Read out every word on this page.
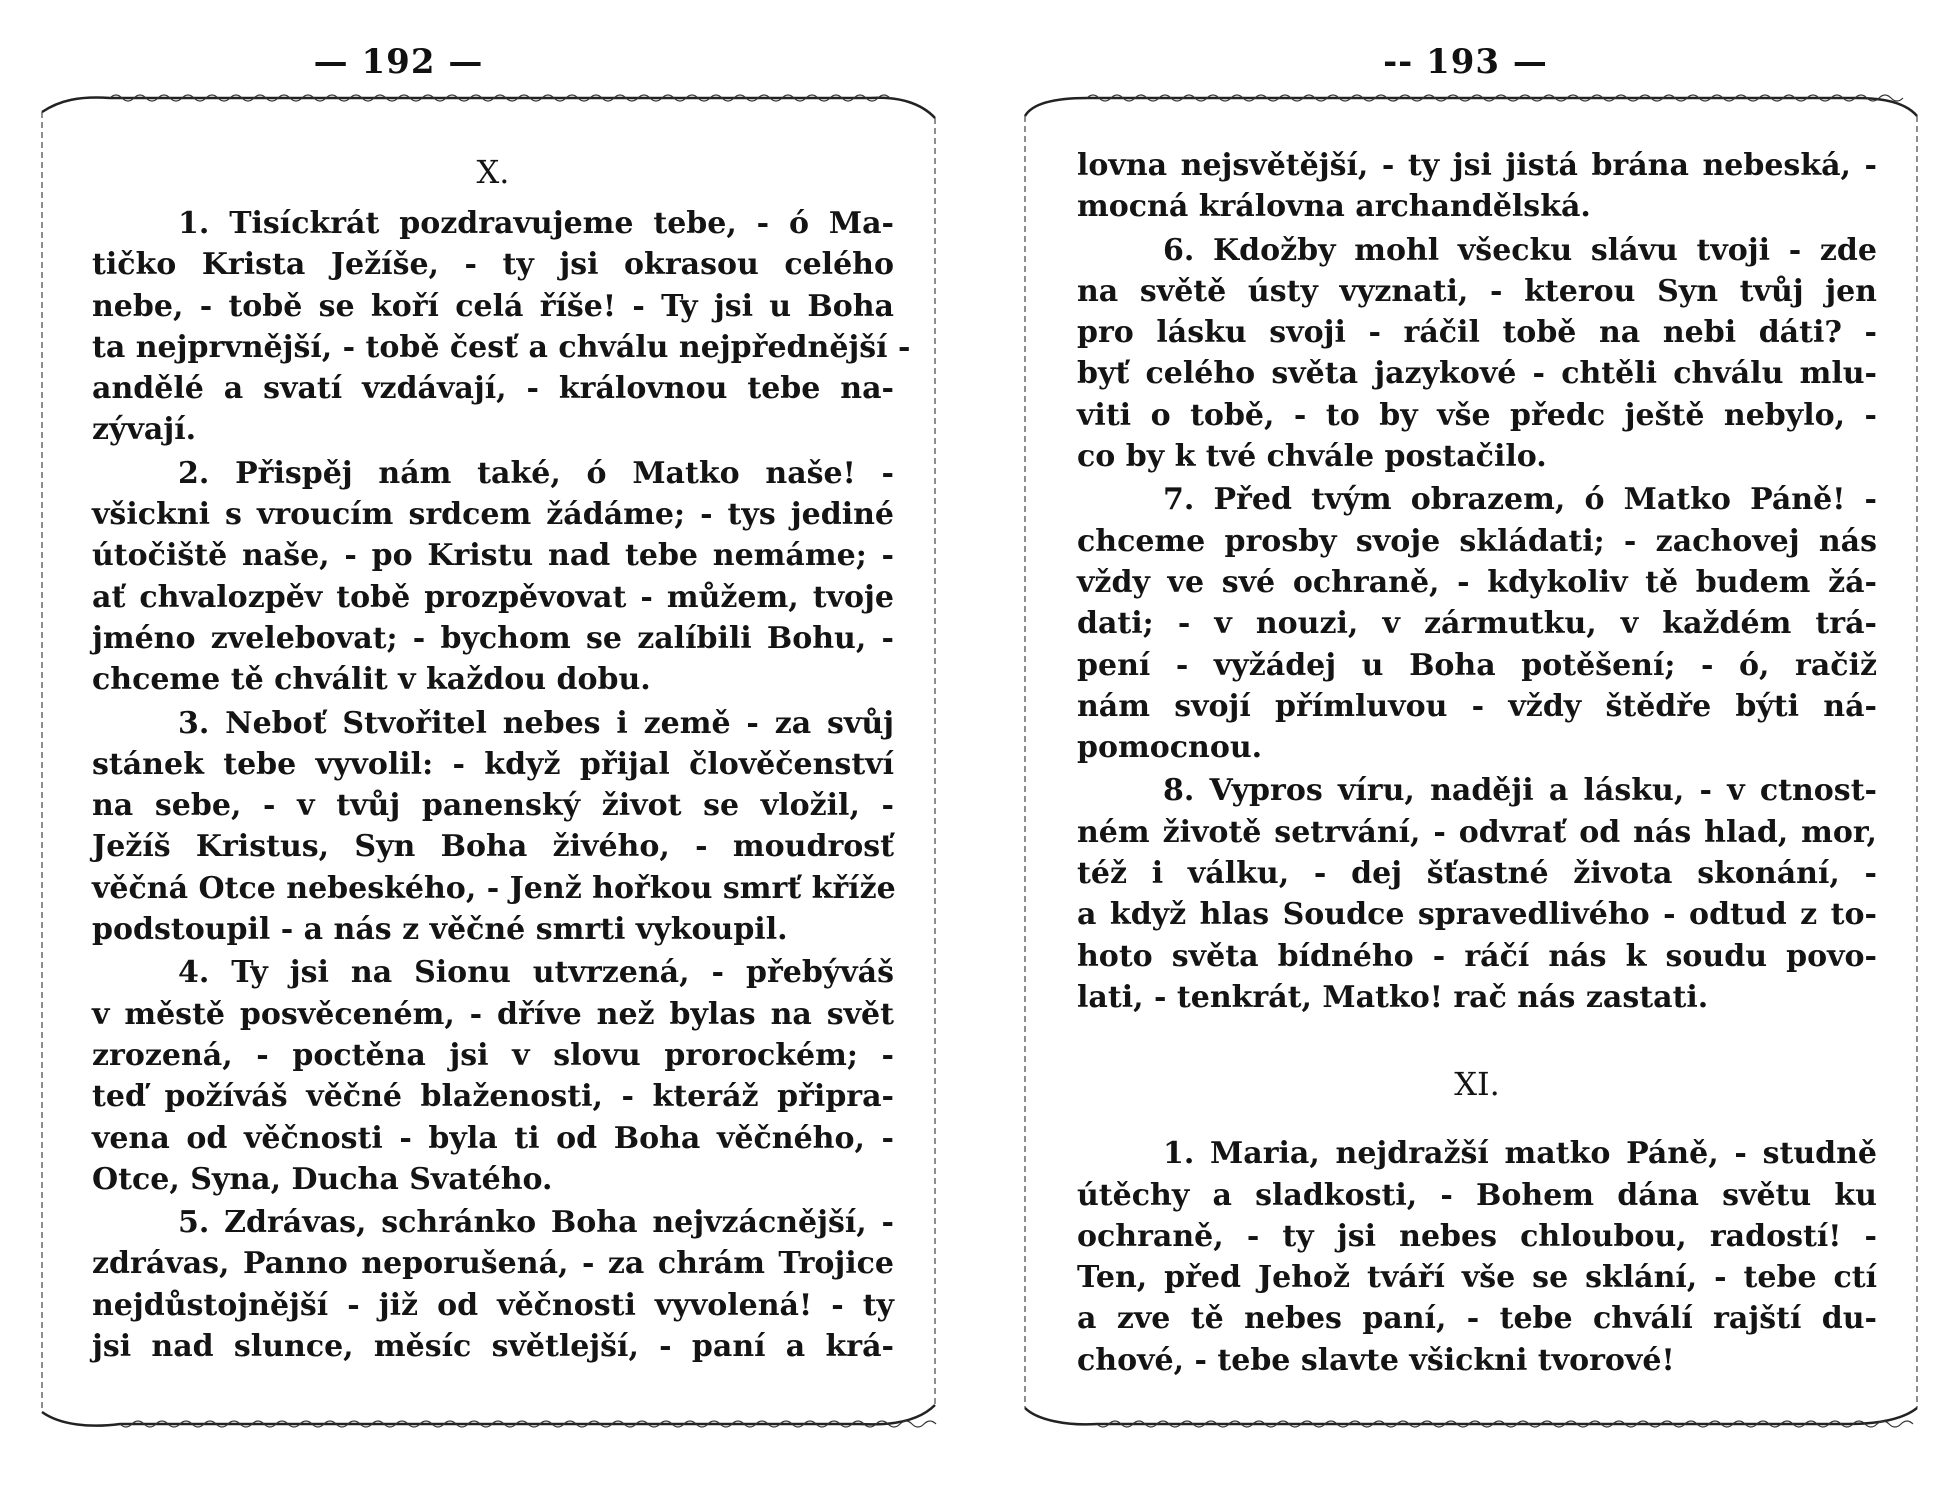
— 192 —
X.
1. Tisíckrát pozdravujeme tebe, - ó Ma-
tičko Krista Ježíše, - ty jsi okrasou celého
nebe, - tobě se koří celá říše! - Ty jsi u Boha
ta nejprvnější, - tobě česť a chválu nejpřednější -
andělé a svatí vzdávají, - královnou tebe na-
zývají.
2. Přispěj nám také, ó Matko naše! -
všickni s vroucím srdcem žádáme; - tys jediné
útočiště naše, - po Kristu nad tebe nemáme; -
ať chvalozpěv tobě prozpěvovat - můžem, tvoje
jméno zvelebovat; - bychom se zalíbili Bohu, -
chceme tě chválit v každou dobu.
3. Neboť Stvořitel nebes i země - za svůj
stánek tebe vyvolil: - když přijal člověčenství
na sebe, - v tvůj panenský život se vložil, -
Ježíš Kristus, Syn Boha živého, - moudrosť
věčná Otce nebeského, - Jenž hořkou smrť kříže
podstoupil - a nás z věčné smrti vykoupil.
4. Ty jsi na Sionu utvrzená, - přebýváš
v městě posvěceném, - dříve než bylas na svět
zrozená, - poctěna jsi v slovu prorockém; -
teď požíváš věčné blaženosti, - kteráž připra-
vena od věčnosti - byla ti od Boha věčného, -
Otce, Syna, Ducha Svatého.
5. Zdrávas, schránko Boha nejvzácnější, -
zdrávas, Panno neporušená, - za chrám Trojice
nejdůstojnější - již od věčnosti vyvolená! - ty
jsi nad slunce, měsíc světlejší, - paní a krá-
-- 193 —
lovna nejsvětější, - ty jsi jistá brána nebeská, -
mocná královna archandělská.
6. Kdožby mohl všecku slávu tvoji - zde
na světě ústy vyznati, - kterou Syn tvůj jen
pro lásku svoji - ráčil tobě na nebi dáti? -
byť celého světa jazykové - chtěli chválu mlu-
viti o tobě, - to by vše předc ještě nebylo, -
co by k tvé chvále postačilo.
7. Před tvým obrazem, ó Matko Páně! -
chceme prosby svoje skládati; - zachovej nás
vždy ve své ochraně, - kdykoliv tě budem žá-
dati; - v nouzi, v zármutku, v každém trá-
pení - vyžádej u Boha potěšení; - ó, račiž
nám svojí přímluvou - vždy štědře býti ná-
pomocnou.
8. Vypros víru, naději a lásku, - v ctnost-
ném životě setrvání, - odvrať od nás hlad, mor,
též i válku, - dej šťastné života skonání, -
a když hlas Soudce spravedlivého - odtud z to-
hoto světa bídného - ráčí nás k soudu povo-
lati, - tenkrát, Matko! rač nás zastati.
XI.
1. Maria, nejdražší matko Páně, - studně
útěchy a sladkosti, - Bohem dána světu ku
ochraně, - ty jsi nebes chloubou, radostí! -
Ten, před Jehož tváří vše se sklání, - tebe ctí
a zve tě nebes paní, - tebe chválí rajští du-
chové, - tebe slavte všickni tvorové!
